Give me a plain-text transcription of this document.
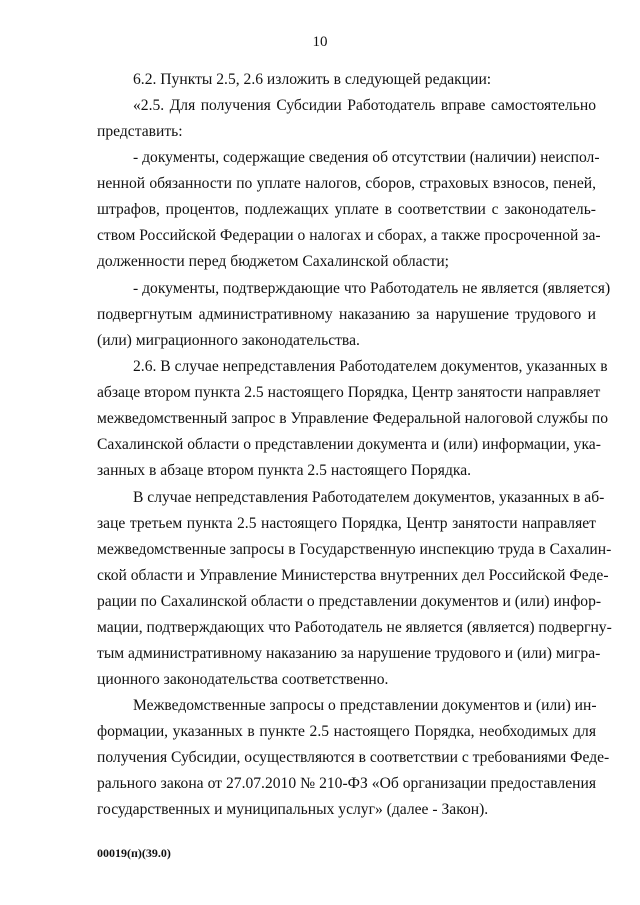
10
6.2. Пункты 2.5, 2.6 изложить в следующей редакции:
«2.5. Для получения Субсидии Работодатель вправе самостоятельно
представить:
- документы, содержащие сведения об отсутствии (наличии) неиспол-
ненной обязанности по уплате налогов, сборов, страховых взносов, пеней,
штрафов, процентов, подлежащих уплате в соответствии с законодатель-
ством Российской Федерации о налогах и сборах, а также просроченной за-
долженности перед бюджетом Сахалинской области;
- документы, подтверждающие что Работодатель не является (является)
подвергнутым административному наказанию за нарушение трудового и
(или) миграционного законодательства.
2.6. В случае непредставления Работодателем документов, указанных в
абзаце втором пункта 2.5 настоящего Порядка, Центр занятости направляет
межведомственный запрос в Управление Федеральной налоговой службы по
Сахалинской области о представлении документа и (или) информации, ука-
занных в абзаце втором пункта 2.5 настоящего Порядка.
В случае непредставления Работодателем документов, указанных в аб-
заце третьем пункта 2.5 настоящего Порядка, Центр занятости направляет
межведомственные запросы в Государственную инспекцию труда в Сахалин-
ской области и Управление Министерства внутренних дел Российской Феде-
рации по Сахалинской области о представлении документов и (или) инфор-
мации, подтверждающих что Работодатель не является (является) подвергну-
тым административному наказанию за нарушение трудового и (или) мигра-
ционного законодательства соответственно.
Межведомственные запросы о представлении документов и (или) ин-
формации, указанных в пункте 2.5 настоящего Порядка, необходимых для
получения Субсидии, осуществляются в соответствии с требованиями Феде-
рального закона от 27.07.2010 № 210-ФЗ «Об организации предоставления
государственных и муниципальных услуг» (далее - Закон).
00019(п)(39.0)
